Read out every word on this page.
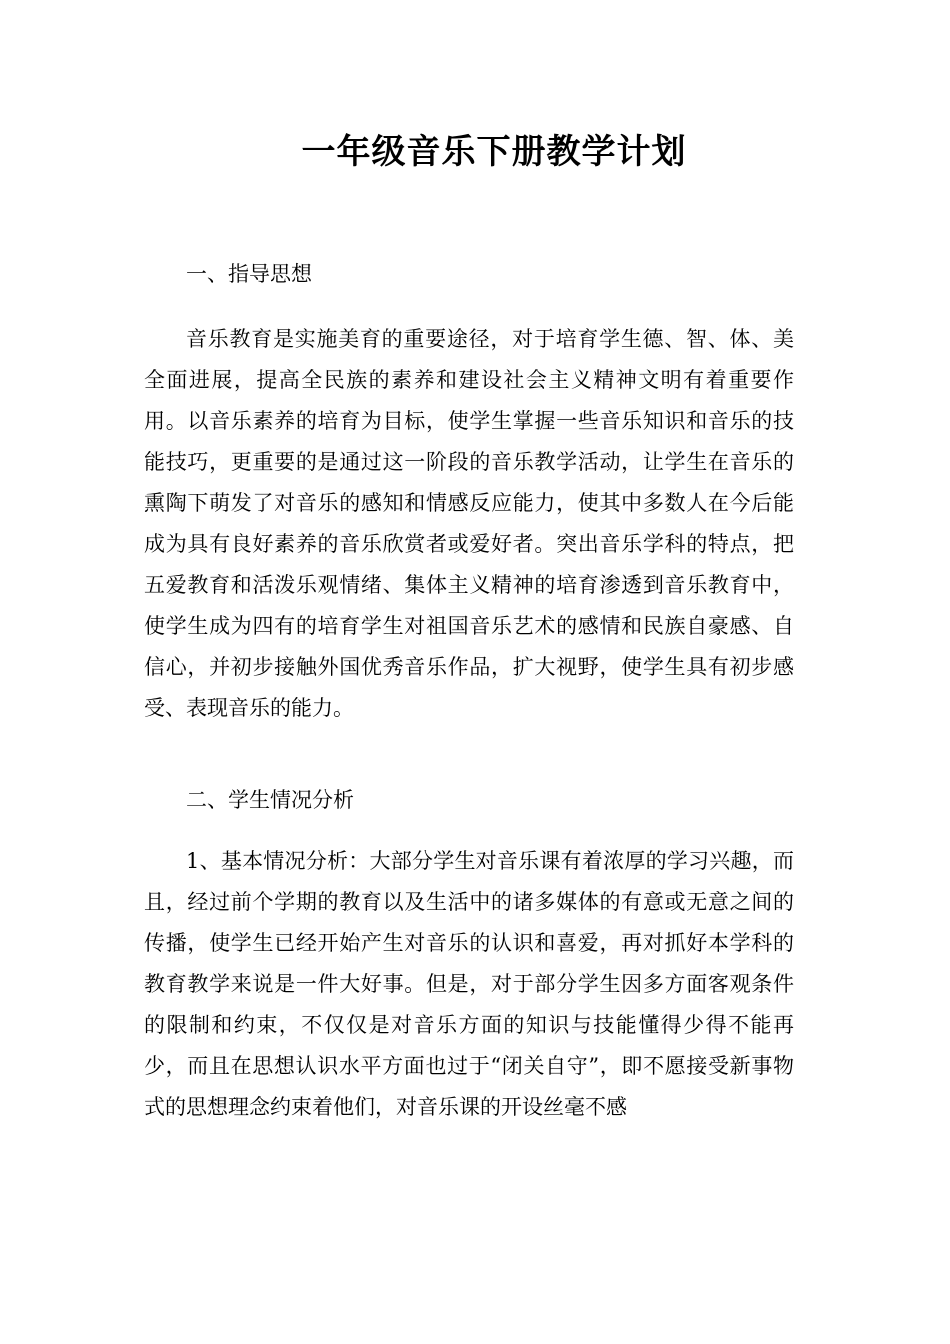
一年级音乐下册教学计划
一、指导思想
音乐教育是实施美育的重要途径，对于培育学生德、智、体、美全面进展，提高全民族的素养和建设社会主义精神文明有着重要作用。以音乐素养的培育为目标，使学生掌握一些音乐知识和音乐的技能技巧，更重要的是通过这一阶段的音乐教学活动，让学生在音乐的熏陶下萌发了对音乐的感知和情感反应能力，使其中多数人在今后能成为具有良好素养的音乐欣赏者或爱好者。突出音乐学科的特点，把五爱教育和活泼乐观情绪、集体主义精神的培育渗透到音乐教育中，使学生成为四有的培育学生对祖国音乐艺术的感情和民族自豪感、自信心，并初步接触外国优秀音乐作品，扩大视野，使学生具有初步感受、表现音乐的能力。
二、学生情况分析
1、基本情况分析：大部分学生对音乐课有着浓厚的学习兴趣，而且，经过前个学期的教育以及生活中的诸多媒体的有意或无意之间的传播，使学生已经开始产生对音乐的认识和喜爱，再对抓好本学科的教育教学来说是一件大好事。但是，对于部分学生因多方面客观条件的限制和约束，不仅仅是对音乐方面的知识与技能懂得少得不能再少，而且在思想认识水平方面也过于“闭关自守”，即不愿接受新事物式的思想理念约束着他们，对音乐课的开设丝毫不感
